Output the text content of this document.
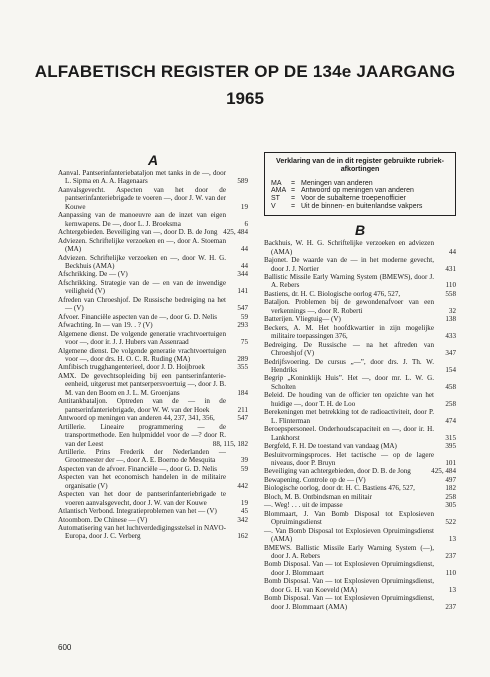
ALFABETISCH REGISTER OP DE 134e JAARGANG
1965
A
Aanval. Pantserinfanteriebataljon met tanks in de —, door L. Sipma en A. A. Hagenaars	589
Aanvalsgevecht. Aspecten van het door de pantserinfanteriebrigade te voeren —, door J. W. van der Kouwe	19
Aanpassing van de manoeuvre aan de inzet van eigen kernwapens. De —, door L. J. Broeksma	6
Achtergebieden. Beveiliging van —, door D. B. de Jong 425, 484
Adviezen. Schriftelijke verzoeken en —, door A. Stoeman (MA)	44
Adviezen. Schriftelijke verzoeken en —, door W. H. G. Beckhuis (AMA)	44
Afschrikking. De — (V)	344
Afschrikking. Strategie van de — en van de inwendige veiligheid (V)	141
Afreden van Chroeshjof. De Russische bedreiging na het — (V)	547
Afvoer. Financiële aspecten van de —, door G. D. Nelis	59
Afwachting. In — van 19. . ? (V)	293
Algemene dienst. De volgende generatie vrachtvoertuigen voor —, door ir. J. J. Hubers van Assenraad	75
Algemene dienst. De volgende generatie vrachtvoertuigen voor —, door drs. H. O. C. R. Ruding (MA)	289
Amfibisch trugghangenterieel, door J. D. Hoijbroek	355
AMX. De gevechtsopleiding bij een pantserinfanterie-eenheid, uitgerust met pantserpersvoertuig —, door J. B. M. van den Boom en J. L. M. Groenjans	184
Antitankbataljon. Optreden van de — in de pantserinfanteriebrigade, door W. W. van der Hoek	211
Antwoord op meningen van anderen 44, 237, 341, 356,	547
Artillerie. Lineaire programmering — de transportmethode. Een hulpmiddel voor de —? door R. van der Leest	88, 115, 182
Artillerie. Prins Frederik der Nederlanden — Grootmeester der —, door A. E. Boerno de Mesquita	39
Aspecten van de afvoer. Financiële —, door G. D. Nelis	59
Aspecten van het economisch handelen in de militaire organisatie (V)	442
Aspecten van het door de pantserinfanteriebrigade te voeren aanvalsgevecht, door J. W. van der Kouwe	19
Atlantisch Verbond. Integratieproblemen van het — (V)	45
Atoombom. De Chinese — (V)	342
Automatisering van het luchtverdedigingsstelsel in NAVO-Europa, door J. C. Verberg	162
Verklaring van de in dit register gebruikte rubriek-afkortingen
MA	= Meningen van anderen
AMA = Antwoord op meningen van anderen
ST	= Voor de subalterne troepenofficier
V	= Uit de binnen- en buitenlandse vakpers
B
Backhuis, W. H. G. Schriftelijke verzoeken en adviezen (AMA)	44
Bajonet. De waarde van de — in het moderne gevecht, door J. J. Nortier	431
Ballistic Missile Early Warning System (BMEWS), door J. A. Rebers	110
Bastiens, dr. H. C. Biologische oorlog 476, 527,	558
Bataljon. Problemen bij de gewondenafvoer van een verkennings —, door R. Roberti	32
Batterijen. Vliegtuig— (V)	138
Beckers, A. M. Het hoofdkwartier in zijn mogelijke militaire toepassingen 376,	433
Bedreiging. De Russische — na het aftreden van Chroeshjof (V)	347
Bedrijfsvoering. De cursus „—”, door drs. J. Th. W. Hendriks	154
Begrip „Koninklijk Huis”. Het —, door mr. L. W. G. Scholten	458
Beleid. De houding van de officier ten opzichte van het huidige —, door T. H. de Loo	258
Berekeningen met betrekking tot de radioactiviteit, door P. L. Flinterman	474
Beroepspersoneel. Onderhoudscapaciteit en —, door ir. H. Lankhorst	315
Bergfeld, F. H. De toestand van vandaag (MA)	395
Besluitvormingsproces. Het tactische — op de lagere niveaus, door P. Bruyn	101
Beveiliging van achtergebieden, door D. B. de Jong	425, 484
Bewapening. Controle op de — (V)	497
Biologische oorlog, door dr. H. C. Bastiens 476, 527,	182
Bloch, M. B. Ontbindsman en militair	258
—. Weg! . . . uit de impasse	305
Blommaart, J. Van Bomb Disposal tot Explosieven Opruimingsdienst	522
—. Van Bomb Disposal tot Explosieven Opruimingsdienst (AMA)	13
BMEWS. Ballistic Missile Early Warning System (—), door J. A. Rebers	237
Bomb Disposal. Van — tot Explosieven Opruimingsdienst, door J. Blommaart	110
Bomb Disposal. Van — tot Explosieven Opruimingsdienst, door G. H. van Koeveld (MA)	13
Bomb Disposal. Van — tot Explosieven Opruimingsdienst, door J. Blommaart (AMA)	237
600
